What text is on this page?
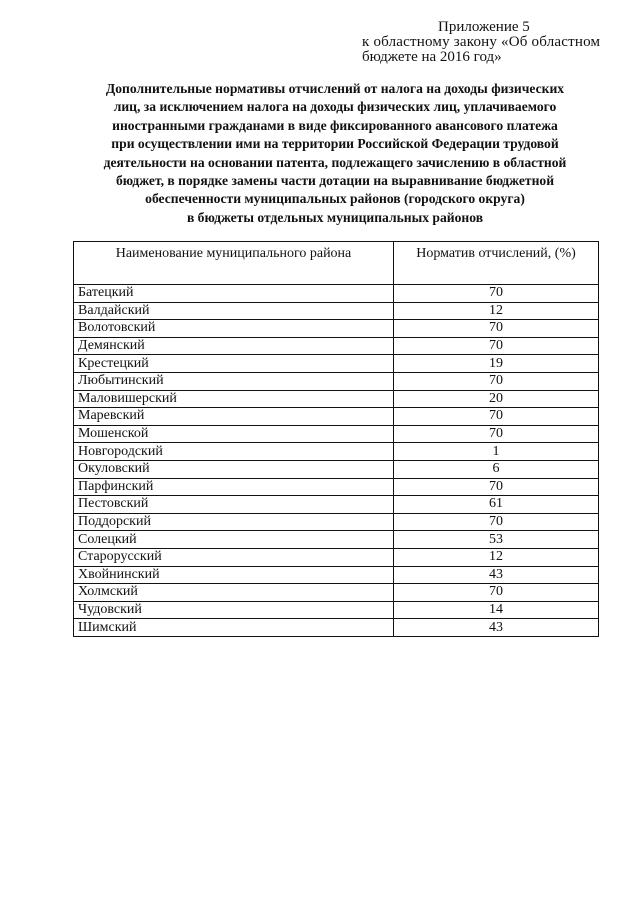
Приложение 5
к областному закону «Об областном
бюджете на 2016 год»
Дополнительные нормативы отчислений от налога на доходы физических
лиц, за исключением налога на доходы физических лиц, уплачиваемого
иностранными гражданами в виде фиксированного авансового платежа
при осуществлении ими на территории Российской Федерации трудовой
деятельности на основании патента, подлежащего зачислению в областной
бюджет, в порядке замены части дотации на выравнивание бюджетной
обеспеченности муниципальных районов (городского округа)
в бюджеты отдельных муниципальных районов
Наименование муниципального района	Норматив отчислений, (%)
Батецкий	70
Валдайский	12
Волотовский	70
Демянский	70
Крестецкий	19
Любытинский	70
Маловишерский	20
Маревский	70
Мошенской	70
Новгородский	1
Окуловский	6
Парфинский	70
Пестовский	61
Поддорский	70
Солецкий	53
Старорусский	12
Хвойнинский	43
Холмский	70
Чудовский	14
Шимский	43
